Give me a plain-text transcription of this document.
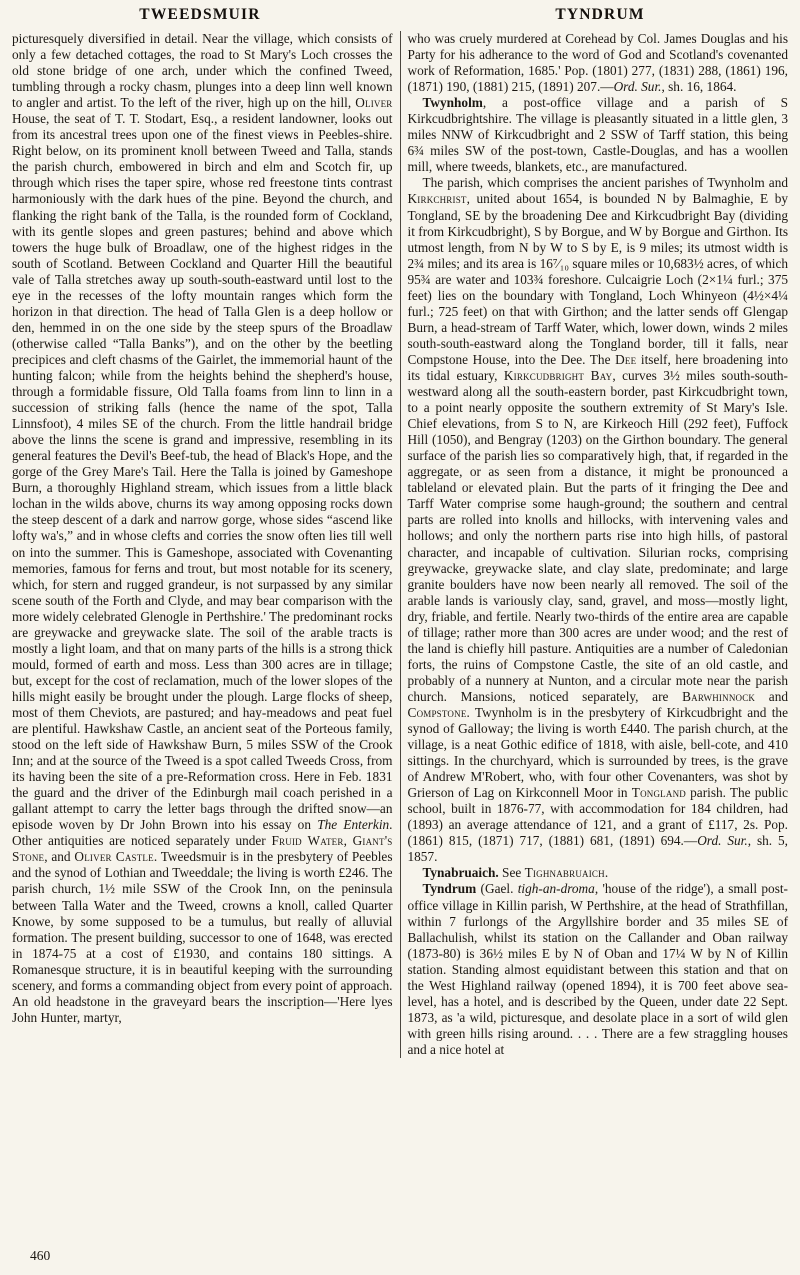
TWEEDSMUIR	TYNDRUM

picturesquely diversified in detail. Near the village, which consists of only a few detached cottages, the road to St Mary's Loch crosses the old stone bridge of one arch, under which the confined Tweed, tumbling through a rocky chasm, plunges into a deep linn well known to angler and artist. To the left of the river, high up on the hill, Oliver House, the seat of T. T. Stodart, Esq., a resident landowner, looks out from its ancestral trees upon one of the finest views in Peebles-shire. Right below, on its prominent knoll between Tweed and Talla, stands the parish church, embowered in birch and elm and Scotch fir, up through which rises the taper spire, whose red freestone tints contrast harmoniously with the dark hues of the pine. Beyond the church, and flanking the right bank of the Talla, is the rounded form of Cockland, with its gentle slopes and green pastures; behind and above which towers the huge bulk of Broadlaw, one of the highest ridges in the south of Scotland. Between Cockland and Quarter Hill the beautiful vale of Talla stretches away up south-south-eastward until lost to the eye in the recesses of the lofty mountain ranges which form the horizon in that direction. The head of Talla Glen is a deep hollow or den, hemmed in on the one side by the steep spurs of the Broadlaw (otherwise called “Talla Banks”), and on the other by the beetling precipices and cleft chasms of the Gairlet, the immemorial haunt of the hunting falcon; while from the heights behind the shepherd's house, through a formidable fissure, Old Talla foams from linn to linn in a succession of striking falls (hence the name of the spot, Talla Linnsfoot), 4 miles SE of the church. From the little handrail bridge above the linns the scene is grand and impressive, resembling in its general features the Devil's Beef-tub, the head of Black's Hope, and the gorge of the Grey Mare's Tail. Here the Talla is joined by Gameshope Burn, a thoroughly Highland stream, which issues from a little black lochan in the wilds above, churns its way among opposing rocks down the steep descent of a dark and narrow gorge, whose sides “ascend like lofty wa's,” and in whose clefts and corries the snow often lies till well on into the summer. This is Gameshope, associated with Covenanting memories, famous for ferns and trout, but most notable for its scenery, which, for stern and rugged grandeur, is not surpassed by any similar scene south of the Forth and Clyde, and may bear comparison with the more widely celebrated Glenogle in Perthshire.' The predominant rocks are greywacke and greywacke slate. The soil of the arable tracts is mostly a light loam, and that on many parts of the hills is a strong thick mould, formed of earth and moss. Less than 300 acres are in tillage; but, except for the cost of reclamation, much of the lower slopes of the hills might easily be brought under the plough. Large flocks of sheep, most of them Cheviots, are pastured; and hay-meadows and peat fuel are plentiful. Hawkshaw Castle, an ancient seat of the Porteous family, stood on the left side of Hawkshaw Burn, 5 miles SSW of the Crook Inn; and at the source of the Tweed is a spot called Tweeds Cross, from its having been the site of a pre-Reformation cross. Here in Feb. 1831 the guard and the driver of the Edinburgh mail coach perished in a gallant attempt to carry the letter bags through the drifted snow—an episode woven by Dr John Brown into his essay on The Enterkin. Other antiquities are noticed separately under Fruid Water, Giant's Stone, and Oliver Castle. Tweedsmuir is in the presbytery of Peebles and the synod of Lothian and Tweeddale; the living is worth £246. The parish church, 1½ mile SSW of the Crook Inn, on the peninsula between Talla Water and the Tweed, crowns a knoll, called Quarter Knowe, by some supposed to be a tumulus, but really of alluvial formation. The present building, successor to one of 1648, was erected in 1874-75 at a cost of £1930, and contains 180 sittings. A Romanesque structure, it is in beautiful keeping with the surrounding scenery, and forms a commanding object from every point of approach. An old headstone in the graveyard bears the inscription—'Here lyes John Hunter, martyr,

who was cruely murdered at Corehead by Col. James Douglas and his Party for his adherance to the word of God and Scotland's covenanted work of Reformation, 1685.' Pop. (1801) 277, (1831) 288, (1861) 196, (1871) 190, (1881) 215, (1891) 207.—Ord. Sur., sh. 16, 1864.

Twynholm, a post-office village and a parish of S Kirkcudbrightshire. The village is pleasantly situated in a little glen, 3 miles NNW of Kirkcudbright and 2 SSW of Tarff station, this being 6¾ miles SW of the post-town, Castle-Douglas, and has a woollen mill, where tweeds, blankets, etc., are manufactured.

The parish, which comprises the ancient parishes of Twynholm and Kirkchrist, united about 1654, is bounded N by Balmaghie, E by Tongland, SE by the broadening Dee and Kirkcudbright Bay (dividing it from Kirkcudbright), S by Borgue, and W by Borgue and Girthon. Its utmost length, from N by W to S by E, is 9 miles; its utmost width is 2¾ miles; and its area is 16⁷⁄₁₀ square miles or 10,683½ acres, of which 95¾ are water and 103¾ foreshore. Culcaigrie Loch (2×1¼ furl.; 375 feet) lies on the boundary with Tongland, Loch Whinyeon (4½×4¼ furl.; 725 feet) on that with Girthon; and the latter sends off Glengap Burn, a head-stream of Tarff Water, which, lower down, winds 2 miles south-south-eastward along the Tongland border, till it falls, near Compstone House, into the Dee. The Dee itself, here broadening into its tidal estuary, Kirkcudbright Bay, curves 3½ miles south-south-westward along all the south-eastern border, past Kirkcudbright town, to a point nearly opposite the southern extremity of St Mary's Isle. Chief elevations, from S to N, are Kirkeoch Hill (292 feet), Fuffock Hill (1050), and Bengray (1203) on the Girthon boundary. The general surface of the parish lies so comparatively high, that, if regarded in the aggregate, or as seen from a distance, it might be pronounced a tableland or elevated plain. But the parts of it fringing the Dee and Tarff Water comprise some haugh-ground; the southern and central parts are rolled into knolls and hillocks, with intervening vales and hollows; and only the northern parts rise into high hills, of pastoral character, and incapable of cultivation. Silurian rocks, comprising greywacke, greywacke slate, and clay slate, predominate; and large granite boulders have now been nearly all removed. The soil of the arable lands is variously clay, sand, gravel, and moss—mostly light, dry, friable, and fertile. Nearly two-thirds of the entire area are capable of tillage; rather more than 300 acres are under wood; and the rest of the land is chiefly hill pasture. Antiquities are a number of Caledonian forts, the ruins of Compstone Castle, the site of an old castle, and probably of a nunnery at Nunton, and a circular mote near the parish church. Mansions, noticed separately, are Barwhinnock and Compstone. Twynholm is in the presbytery of Kirkcudbright and the synod of Galloway; the living is worth £440. The parish church, at the village, is a neat Gothic edifice of 1818, with aisle, bell-cote, and 410 sittings. In the churchyard, which is surrounded by trees, is the grave of Andrew M'Robert, who, with four other Covenanters, was shot by Grierson of Lag on Kirkconnell Moor in Tongland parish. The public school, built in 1876-77, with accommodation for 184 children, had (1893) an average attendance of 121, and a grant of £117, 2s. Pop. (1861) 815, (1871) 717, (1881) 681, (1891) 694.—Ord. Sur., sh. 5, 1857.

Tynabruaich. See Tighnabruaich.

Tyndrum (Gael. tigh-an-droma, 'house of the ridge'), a small post-office village in Killin parish, W Perthshire, at the head of Strathfillan, within 7 furlongs of the Argyllshire border and 35 miles SE of Ballachulish, whilst its station on the Callander and Oban railway (1873-80) is 36½ miles E by N of Oban and 17¼ W by N of Killin station. Standing almost equidistant between this station and that on the West Highland railway (opened 1894), it is 700 feet above sea-level, has a hotel, and is described by the Queen, under date 22 Sept. 1873, as 'a wild, picturesque, and desolate place in a sort of wild glen with green hills rising around. . . . There are a few straggling houses and a nice hotel at

460
